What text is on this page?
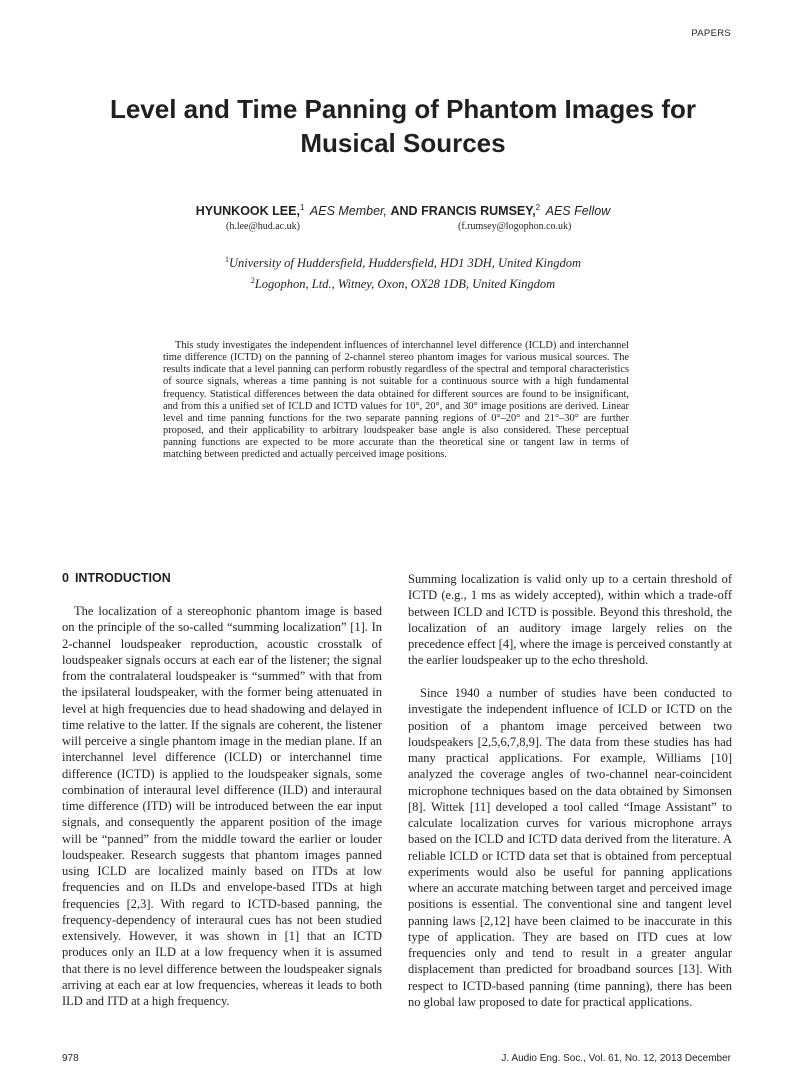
PAPERS
Level and Time Panning of Phantom Images for
Musical Sources
HYUNKOOK LEE,$^1$ AES Member, AND FRANCIS RUMSEY,$^2$ AES Fellow
(h.lee@hud.ac.uk)	(f.rumsey@logophon.co.uk)
$^1$University of Huddersfield, Huddersfield, HD1 3DH, United Kingdom
$^2$Logophon, Ltd., Witney, Oxon, OX28 1DB, United Kingdom

This study investigates the independent influences of interchannel level difference (ICLD) and interchannel time difference (ICTD) on the panning of 2-channel stereo phantom images for various musical sources. The results indicate that a level panning can perform robustly regardless of the spectral and temporal characteristics of source signals, whereas a time panning is not suitable for a continuous source with a high fundamental frequency. Statistical differences between the data obtained for different sources are found to be insignificant, and from this a unified set of ICLD and ICTD values for 10°, 20°, and 30° image positions are derived. Linear level and time panning functions for the two separate panning regions of 0°–20° and 21°–30° are further proposed, and their applicability to arbitrary loudspeaker base angle is also considered. These perceptual panning functions are expected to be more accurate than the theoretical sine or tangent law in terms of matching between predicted and actually perceived image positions.

0 INTRODUCTION

The localization of a stereophonic phantom image is based on the principle of the so-called “summing localization” [1]. In 2-channel loudspeaker reproduction, acoustic crosstalk of loudspeaker signals occurs at each ear of the listener; the signal from the contralateral loudspeaker is “summed” with that from the ipsilateral loudspeaker, with the former being attenuated in level at high frequencies due to head shadowing and delayed in time relative to the latter. If the signals are coherent, the listener will perceive a single phantom image in the median plane. If an interchannel level difference (ICLD) or interchannel time difference (ICTD) is applied to the loudspeaker signals, some combination of interaural level difference (ILD) and interaural time difference (ITD) will be introduced between the ear input signals, and consequently the apparent position of the image will be “panned” from the middle toward the earlier or louder loudspeaker. Research suggests that phantom images panned using ICLD are localized mainly based on ITDs at low frequencies and on ILDs and envelope-based ITDs at high frequencies [2,3]. With regard to ICTD-based panning, the frequency-dependency of interaural cues has not been studied extensively. However, it was shown in [1] that an ICTD produces only an ILD at a low frequency when it is assumed that there is no level difference between the loudspeaker signals arriving at each ear at low frequencies, whereas it leads to both ILD and ITD at a high frequency.

Summing localization is valid only up to a certain threshold of ICTD (e.g., 1 ms as widely accepted), within which a trade-off between ICLD and ICTD is possible. Beyond this threshold, the localization of an auditory image largely relies on the precedence effect [4], where the image is perceived constantly at the earlier loudspeaker up to the echo threshold.

Since 1940 a number of studies have been conducted to investigate the independent influence of ICLD or ICTD on the position of a phantom image perceived between two loudspeakers [2,5,6,7,8,9]. The data from these studies has had many practical applications. For example, Williams [10] analyzed the coverage angles of two-channel near-coincident microphone techniques based on the data obtained by Simonsen [8]. Wittek [11] developed a tool called “Image Assistant” to calculate localization curves for various microphone arrays based on the ICLD and ICTD data derived from the literature. A reliable ICLD or ICTD data set that is obtained from perceptual experiments would also be useful for panning applications where an accurate matching between target and perceived image positions is essential. The conventional sine and tangent level panning laws [2,12] have been claimed to be inaccurate in this type of application. They are based on ITD cues at low frequencies only and tend to result in a greater angular displacement than predicted for broadband sources [13]. With respect to ICTD-based panning (time panning), there has been no global law proposed to date for practical applications.

978	J. Audio Eng. Soc., Vol. 61, No. 12, 2013 December
